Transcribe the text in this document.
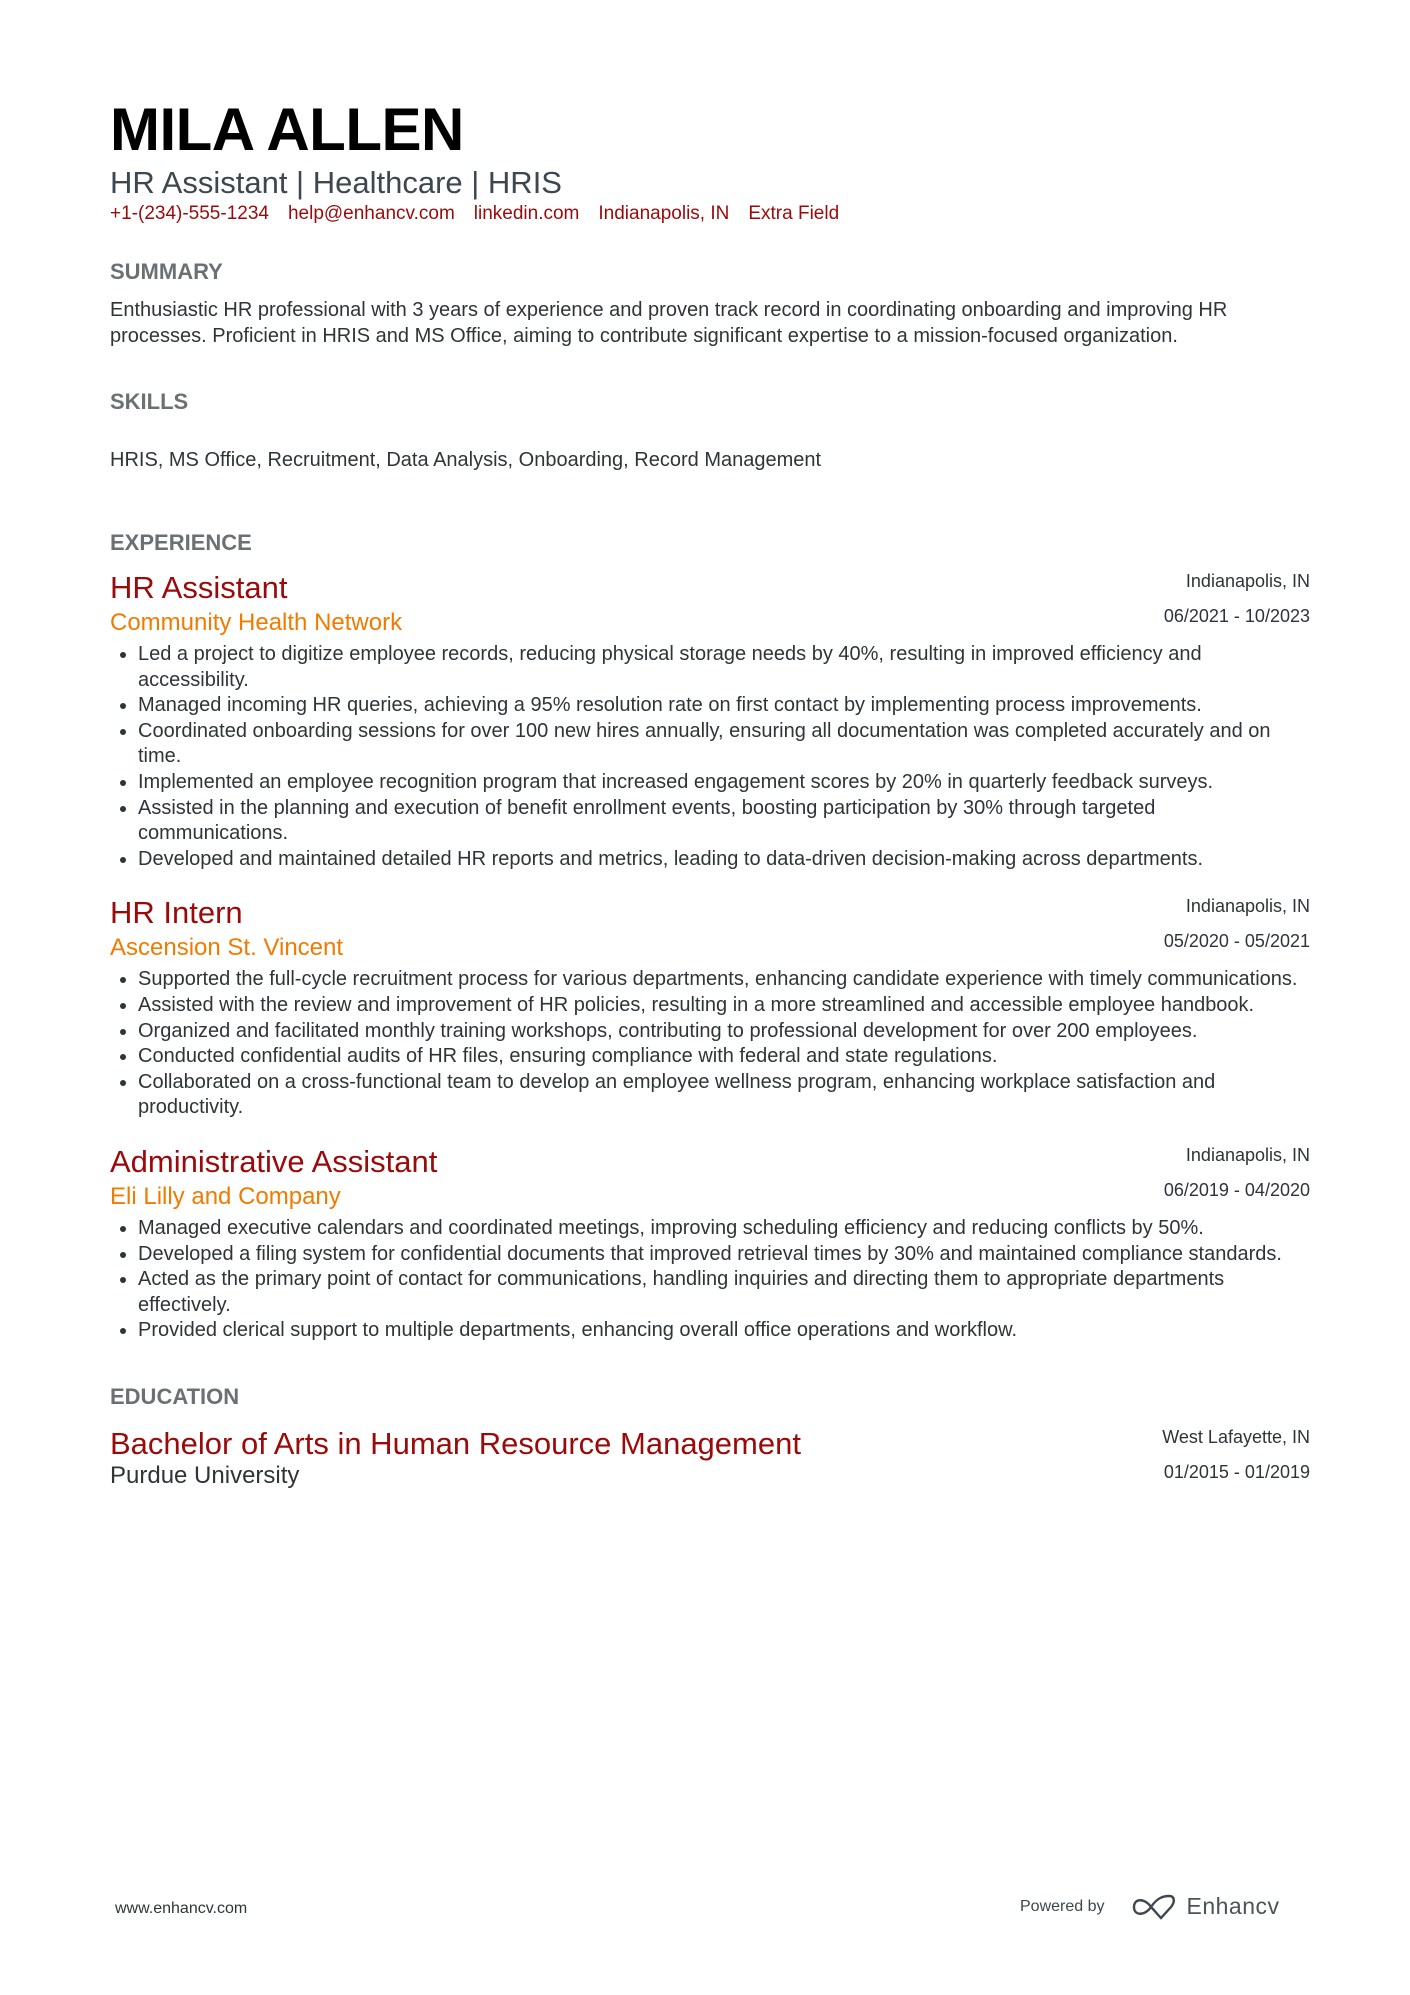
MILA ALLEN
HR Assistant | Healthcare | HRIS
+1-(234)-555-1234 help@enhancv.com linkedin.com Indianapolis, IN Extra Field
SUMMARY
Enthusiastic HR professional with 3 years of experience and proven track record in coordinating onboarding and improving HR processes. Proficient in HRIS and MS Office, aiming to contribute significant expertise to a mission-focused organization.
SKILLS
HRIS, MS Office, Recruitment, Data Analysis, Onboarding, Record Management
EXPERIENCE
HR Assistant
Community Health Network
Indianapolis, IN
06/2021 - 10/2023
• Led a project to digitize employee records, reducing physical storage needs by 40%, resulting in improved efficiency and accessibility.
• Managed incoming HR queries, achieving a 95% resolution rate on first contact by implementing process improvements.
• Coordinated onboarding sessions for over 100 new hires annually, ensuring all documentation was completed accurately and on time.
• Implemented an employee recognition program that increased engagement scores by 20% in quarterly feedback surveys.
• Assisted in the planning and execution of benefit enrollment events, boosting participation by 30% through targeted communications.
• Developed and maintained detailed HR reports and metrics, leading to data-driven decision-making across departments.
HR Intern
Ascension St. Vincent
Indianapolis, IN
05/2020 - 05/2021
• Supported the full-cycle recruitment process for various departments, enhancing candidate experience with timely communications.
• Assisted with the review and improvement of HR policies, resulting in a more streamlined and accessible employee handbook.
• Organized and facilitated monthly training workshops, contributing to professional development for over 200 employees.
• Conducted confidential audits of HR files, ensuring compliance with federal and state regulations.
• Collaborated on a cross-functional team to develop an employee wellness program, enhancing workplace satisfaction and productivity.
Administrative Assistant
Eli Lilly and Company
Indianapolis, IN
06/2019 - 04/2020
• Managed executive calendars and coordinated meetings, improving scheduling efficiency and reducing conflicts by 50%.
• Developed a filing system for confidential documents that improved retrieval times by 30% and maintained compliance standards.
• Acted as the primary point of contact for communications, handling inquiries and directing them to appropriate departments effectively.
• Provided clerical support to multiple departments, enhancing overall office operations and workflow.
EDUCATION
Bachelor of Arts in Human Resource Management
Purdue University
West Lafayette, IN
01/2015 - 01/2019
www.enhancv.com	Powered by	Enhancv
